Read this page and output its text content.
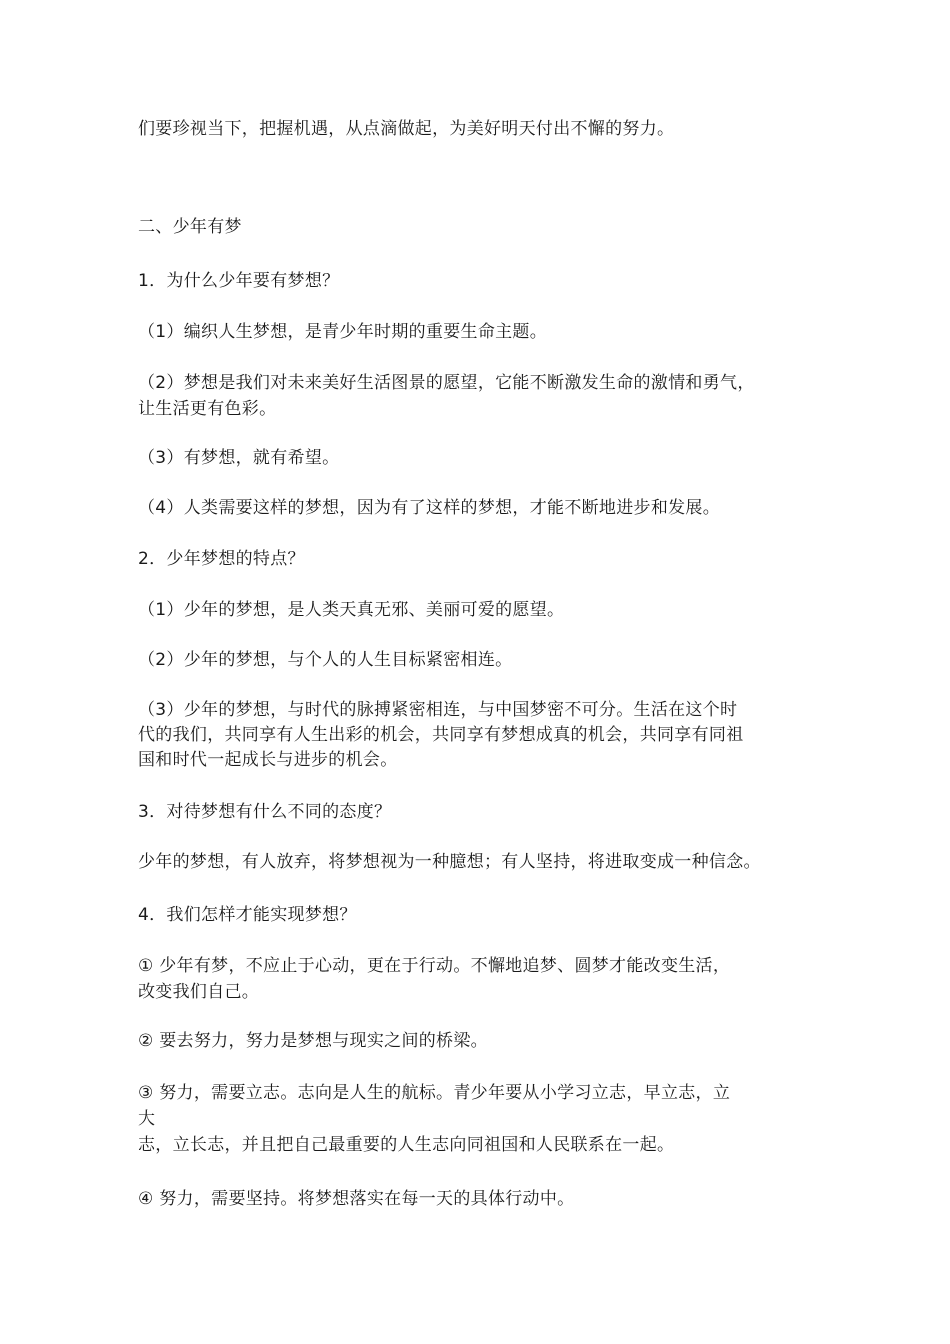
们要珍视当下，把握机遇，从点滴做起，为美好明天付出不懈的努力。
二、少年有梦
1．为什么少年要有梦想？
（1）编织人生梦想，是青少年时期的重要生命主题。
（2）梦想是我们对未来美好生活图景的愿望，它能不断激发生命的激情和勇气，
让生活更有色彩。
（3）有梦想，就有希望。
（4）人类需要这样的梦想，因为有了这样的梦想，才能不断地进步和发展。
2．少年梦想的特点？
（1）少年的梦想，是人类天真无邪、美丽可爱的愿望。
（2）少年的梦想，与个人的人生目标紧密相连。
（3）少年的梦想，与时代的脉搏紧密相连，与中国梦密不可分。生活在这个时
代的我们，共同享有人生出彩的机会，共同享有梦想成真的机会，共同享有同祖
国和时代一起成长与进步的机会。
3．对待梦想有什么不同的态度？
少年的梦想，有人放弃，将梦想视为一种臆想；有人坚持，将进取变成一种信念。
4．我们怎样才能实现梦想？
① 少年有梦，不应止于心动，更在于行动。不懈地追梦、圆梦才能改变生活，
改变我们自己。
② 要去努力，努力是梦想与现实之间的桥梁。
③ 努力，需要立志。志向是人生的航标。青少年要从小学习立志，早立志，立
大
志，立长志，并且把自己最重要的人生志向同祖国和人民联系在一起。
④ 努力，需要坚持。将梦想落实在每一天的具体行动中。
